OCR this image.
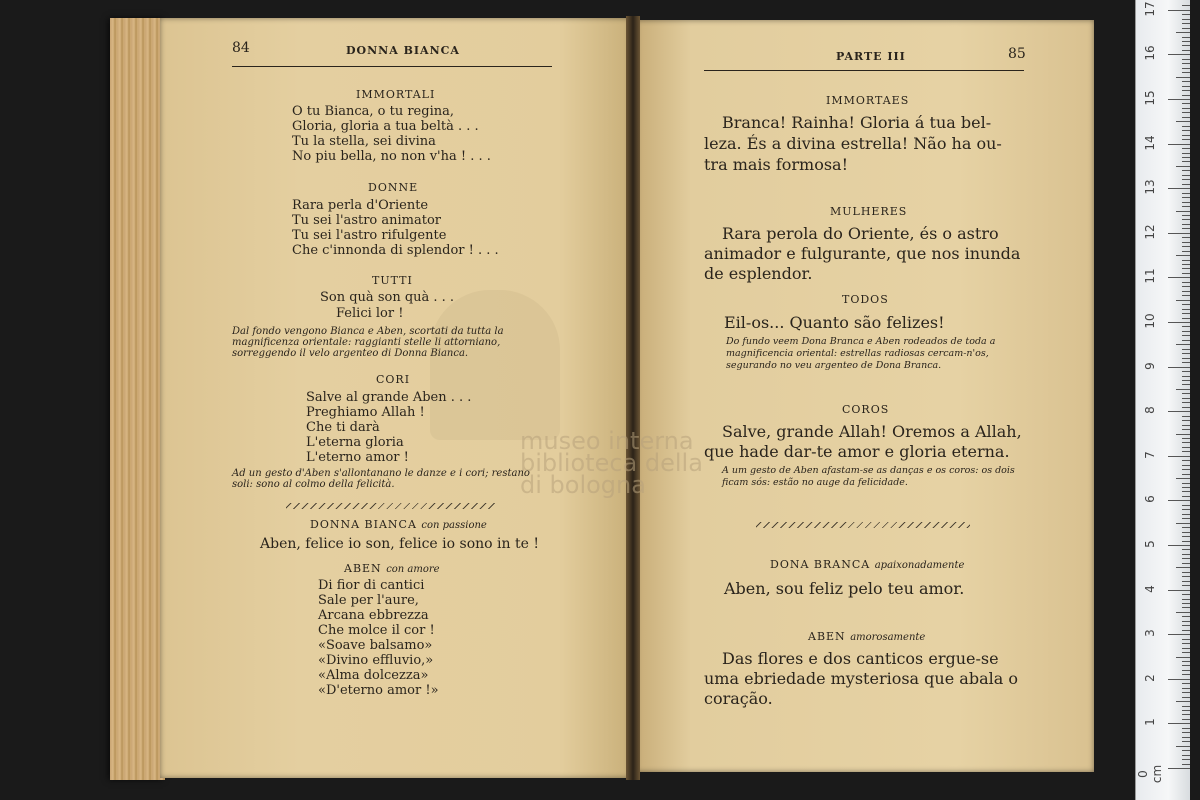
museo interna
biblioteca della
di bologna
84	DONNA BIANCA
IMMORTALI
O tu Bianca, o tu regina,
Gloria, gloria a tua beltà . . .
Tu la stella, sei divina
No piu bella, no non v'ha ! . . .
DONNE
Rara perla d'Oriente
Tu sei l'astro animator
Tu sei l'astro rifulgente
Che c'innonda di splendor ! . . .
TUTTI
Son quà son quà . . .
Felici lor !
Dal fondo vengono Bianca e Aben, scortati da tutta la magnificenza orientale: raggianti stelle li attorniano, sorreggendo il velo argenteo di Donna Bianca.
CORI
Salve al grande Aben . . .
Preghiamo Allah !
Che ti darà
L'eterna gloria
L'eterno amor !
Ad un gesto d'Aben s'allontanano le danze e i cori; restano soli: sono al colmo della felicità.
DONNA BIANCA con passione
Aben, felice io son, felice io sono in te !
ABEN con amore
Di fior di cantici
Sale per l'aure,
Arcana ebbrezza
Che molce il cor !
«Soave balsamo»
«Divino effluvio,»
«Alma dolcezza»
«D'eterno amor !»
PARTE III	85
IMMORTAES
Branca! Rainha! Gloria á tua bel-
leza. És a divina estrella! Não ha ou-
tra mais formosa!
MULHERES
Rara perola do Oriente, és o astro
animador e fulgurante, que nos inunda
de esplendor.
TODOS
Eil-os... Quanto são felizes!
Do fundo veem Dona Branca e Aben rodeados de toda a magnificencia oriental: estrellas radiosas cercam-n'os, segurando no veu argenteo de Dona Branca.
COROS
Salve, grande Allah! Oremos a Allah,
que hade dar-te amor e gloria eterna.
A um gesto de Aben afastam-se as danças e os coros: os dois ficam sós: estão no auge da felicidade.
DONA BRANCA apaixonadamente
Aben, sou feliz pelo teu amor.
ABEN amorosamente
Das flores e dos canticos ergue-se
uma ebriedade mysteriosa que abala o
coração.
0 cm
1
2
3
4
5
6
7
8
9
10
11
12
13
14
15
16
17
